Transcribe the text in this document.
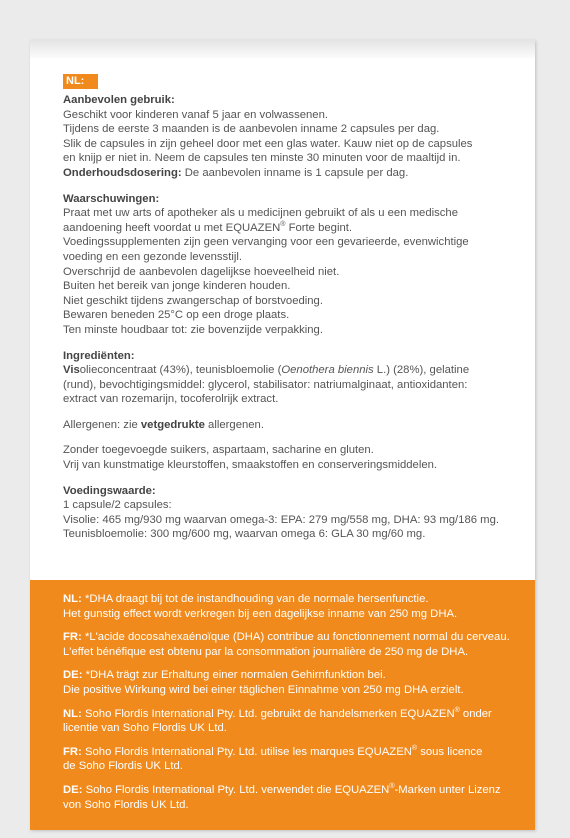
NL:

Aanbevolen gebruik:

Geschikt voor kinderen vanaf 5 jaar en volwassenen.

Tijdens de eerste 3 maanden is de aanbevolen inname 2 capsules per dag.

Slik de capsules in zijn geheel door met een glas water. Kauw niet op de capsules

en knijp er niet in. Neem de capsules ten minste 30 minuten voor de maaltijd in.

Onderhoudsdosering: De aanbevolen inname is 1 capsule per dag.

Waarschuwingen:

Praat met uw arts of apotheker als u medicijnen gebruikt of als u een medische

aandoening heeft voordat u met EQUAZEN® Forte begint.

Voedingssupplementen zijn geen vervanging voor een gevarieerde, evenwichtige

voeding en een gezonde levensstijl.

Overschrijd de aanbevolen dagelijkse hoeveelheid niet.

Buiten het bereik van jonge kinderen houden.

Niet geschikt tijdens zwangerschap of borstvoeding.

Bewaren beneden 25°C op een droge plaats.

Ten minste houdbaar tot: zie bovenzijde verpakking.

Ingrediënten:

Visolieconcentraat (43%), teunisbloemolie (Oenothera biennis L.) (28%), gelatine

(rund), bevochtigingsmiddel: glycerol, stabilisator: natriumalginaat, antioxidanten:

extract van rozemarijn, tocoferolrijk extract.

Allergenen: zie vetgedrukte allergenen.

Zonder toegevoegde suikers, aspartaam, sacharine en gluten.

Vrij van kunstmatige kleurstoffen, smaakstoffen en conserveringsmiddelen.

Voedingswaarde:

1 capsule/2 capsules:

Visolie: 465 mg/930 mg waarvan omega-3: EPA: 279 mg/558 mg, DHA: 93 mg/186 mg.

Teunisbloemolie: 300 mg/600 mg, waarvan omega 6: GLA 30 mg/60 mg.

NL: *DHA draagt bij tot de instandhouding van de normale hersenfunctie.

Het gunstig effect wordt verkregen bij een dagelijkse inname van 250 mg DHA.

FR: *L'acide docosahexaénoïque (DHA) contribue au fonctionnement normal du cerveau.

L'effet bénéfique est obtenu par la consommation journalière de 250 mg de DHA.

DE: *DHA trägt zur Erhaltung einer normalen Gehirnfunktion bei.

Die positive Wirkung wird bei einer täglichen Einnahme von 250 mg DHA erzielt.

NL: Soho Flordis International Pty. Ltd. gebruikt de handelsmerken EQUAZEN® onder

licentie van Soho Flordis UK Ltd.

FR: Soho Flordis International Pty. Ltd. utilise les marques EQUAZEN® sous licence

de Soho Flordis UK Ltd.

DE: Soho Flordis International Pty. Ltd. verwendet die EQUAZEN®-Marken unter Lizenz

von Soho Flordis UK Ltd.
